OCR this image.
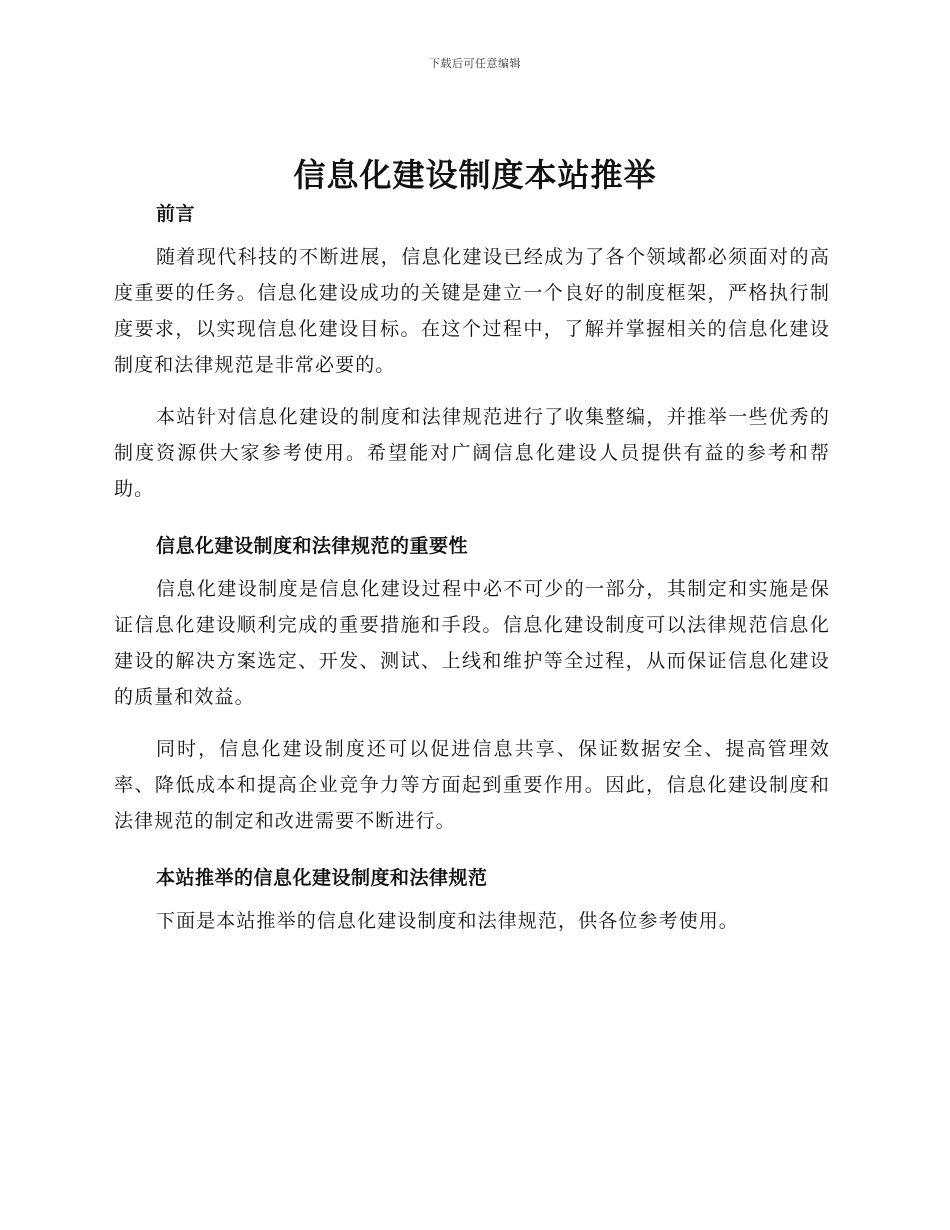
下载后可任意编辑
信息化建设制度本站推举
前言

随着现代科技的不断进展，信息化建设已经成为了各个领域都必须面对的高度重要的任务。信息化建设成功的关键是建立一个良好的制度框架，严格执行制度要求，以实现信息化建设目标。在这个过程中，了解并掌握相关的信息化建设制度和法律规范是非常必要的。

本站针对信息化建设的制度和法律规范进行了收集整编，并推举一些优秀的制度资源供大家参考使用。希望能对广阔信息化建设人员提供有益的参考和帮助。

信息化建设制度和法律规范的重要性

信息化建设制度是信息化建设过程中必不可少的一部分，其制定和实施是保证信息化建设顺利完成的重要措施和手段。信息化建设制度可以法律规范信息化建设的解决方案选定、开发、测试、上线和维护等全过程，从而保证信息化建设的质量和效益。

同时，信息化建设制度还可以促进信息共享、保证数据安全、提高管理效率、降低成本和提高企业竞争力等方面起到重要作用。因此，信息化建设制度和法律规范的制定和改进需要不断进行。

本站推举的信息化建设制度和法律规范

下面是本站推举的信息化建设制度和法律规范，供各位参考使用。
